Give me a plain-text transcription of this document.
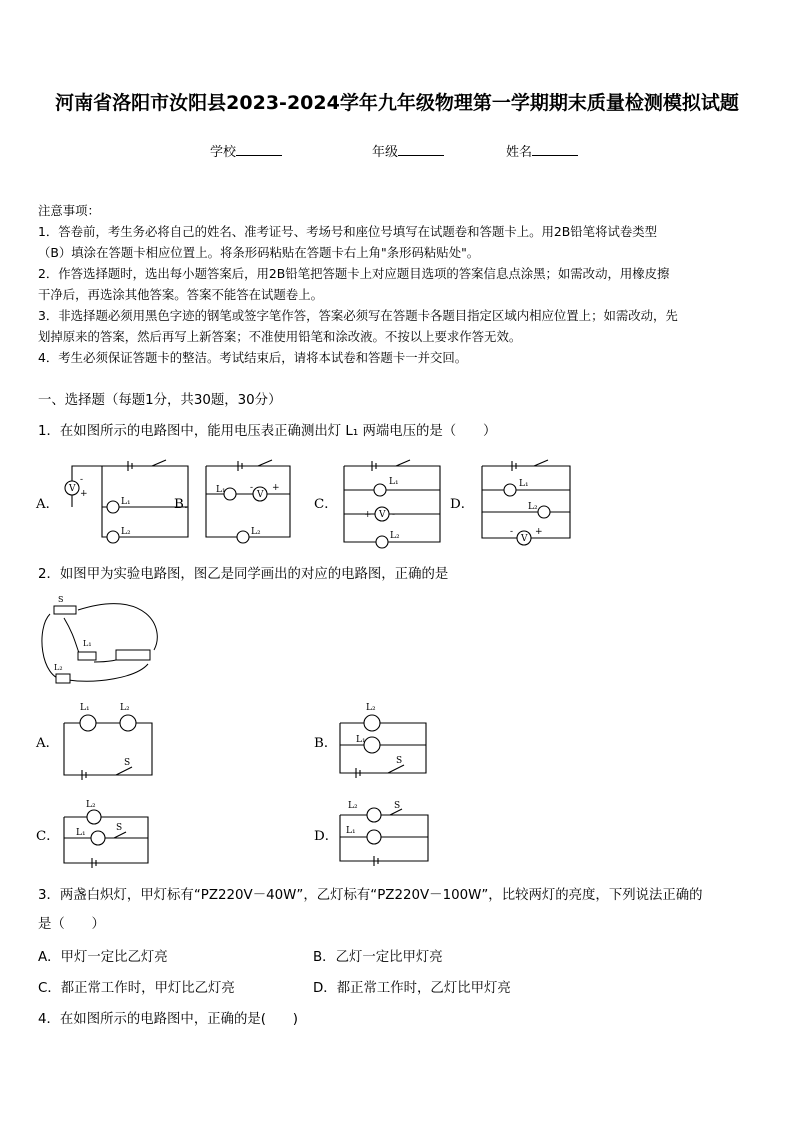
河南省洛阳市汝阳县2023-2024学年九年级物理第一学期期末质量检测模拟试题
学校	年级	姓名
注意事项：
1．答卷前，考生务必将自己的姓名、准考证号、考场号和座位号填写在试题卷和答题卡上。用2B铅笔将试卷类型
（B）填涂在答题卡相应位置上。将条形码粘贴在答题卡右上角"条形码粘贴处"。
2．作答选择题时，选出每小题答案后，用2B铅笔把答题卡上对应题目选项的答案信息点涂黑；如需改动，用橡皮擦
干净后，再选涂其他答案。答案不能答在试题卷上。
3．非选择题必须用黑色字迹的钢笔或签字笔作答，答案必须写在答题卡各题目指定区域内相应位置上；如需改动，先
划掉原来的答案，然后再写上新答案；不准使用铅笔和涂改液。不按以上要求作答无效。
4．考生必须保证答题卡的整洁。考试结束后，请将本试卷和答题卡一并交回。
一、选择题（每题1分，共30题，30分）
1．在如图所示的电路图中，能用电压表正确测出灯 L₁ 两端电压的是（　　）
V +
-
L₁
L₂
L₁	V
+
-
L₂
L₁
V
+ -
L₂
L₁
L₂
V
- +
A．	B．	C．	D．
2．如图甲为实验电路图，图乙是同学画出的对应的电路图，正确的是
S
L₁
L₂
L₁	L₂
S
L₂
L₁	S
A．
C．
L₂
L₁
S
L₂
L₁
S
B．
D．
3．两盏白炽灯，甲灯标有“PZ220V－40W”，乙灯标有“PZ220V－100W”，比较两灯的亮度，下列说法正确的
是（　　）
A．甲灯一定比乙灯亮	B．乙灯一定比甲灯亮
C．都正常工作时，甲灯比乙灯亮	D．都正常工作时，乙灯比甲灯亮
4．在如图所示的电路图中，正确的是(　　)
